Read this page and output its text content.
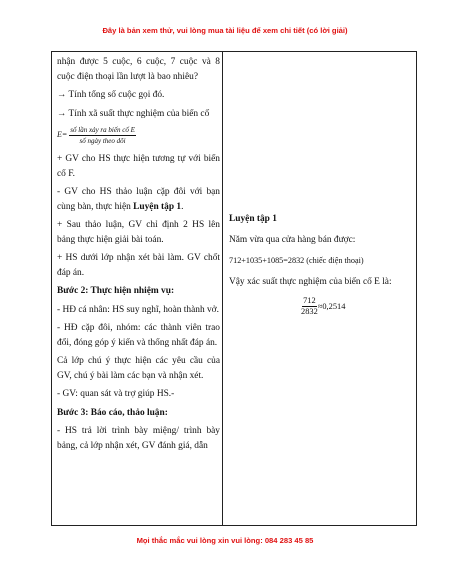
Đây là bản xem thử, vui lòng mua tài liệu để xem chi tiết (có lời giải)

nhận được 5 cuộc, 6 cuộc, 7 cuộc và 8 cuộc điện thoại lần lượt là bao nhiêu?

→ Tính tổng số cuộc gọi đó.

→ Tính xã suất thực nghiệm của biến cố

$E= \frac{\text{số lần xảy ra biến cố E}}{\text{số ngày theo dõi}}$

+ GV cho HS thực hiện tương tự với biến cố F.

- GV cho HS thảo luận cặp đôi với bạn cùng bàn, thực hiện Luyện tập 1.

+ Sau thảo luận, GV chỉ định 2 HS lên bảng thực hiện giải bài toán.

+ HS dưới lớp nhận xét bài làm. GV chốt đáp án.

Bước 2: Thực hiện nhiệm vụ:

- HĐ cá nhân: HS suy nghĩ, hoàn thành vở.

- HĐ cặp đôi, nhóm: các thành viên trao đổi, đóng góp ý kiến và thống nhất đáp án.

Cả lớp chú ý thực hiện các yêu cầu của GV, chú ý bài làm các bạn và nhận xét.

- GV: quan sát và trợ giúp HS.-

Bước 3: Báo cáo, thảo luận:

- HS trả lời trình bày miệng/ trình bày bảng, cả lớp nhận xét, GV đánh giá, dẫn

Luyện tập 1

Năm vừa qua cửa hàng bán được:

712+1035+1085=2832 (chiếc điện thoại)

Vậy xác suất thực nghiệm của biến cố E là:

$\frac{712}{2832} \approx 0,2514$
Mọi thắc mắc vui lòng xin vui lòng: 084 283 45 85
